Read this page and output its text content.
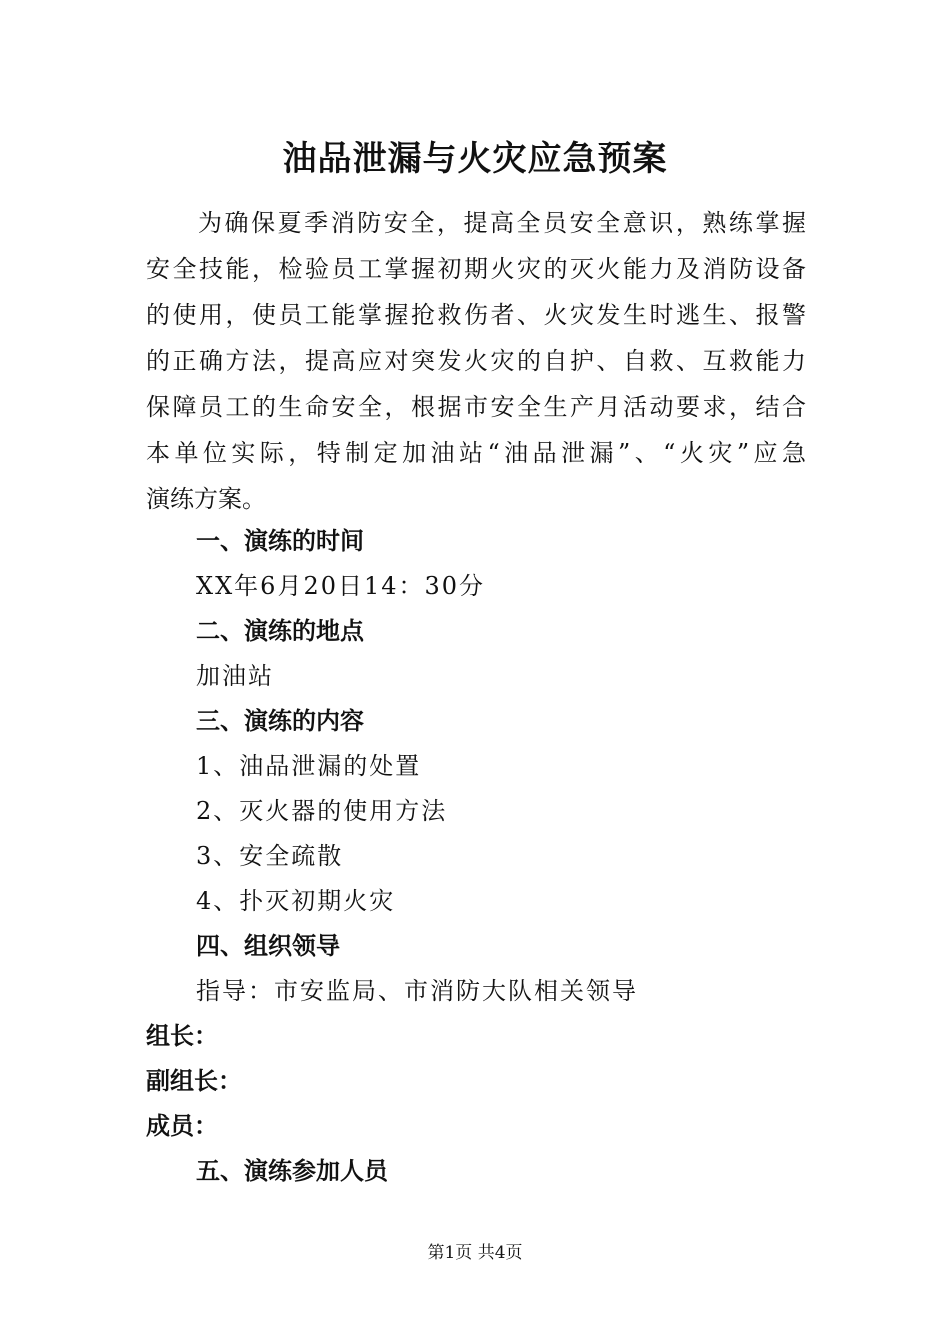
油品泄漏与火灾应急预案
为确保夏季消防安全，提高全员安全意识，熟练掌握
安全技能，检验员工掌握初期火灾的灭火能力及消防设备
的使用，使员工能掌握抢救伤者、火灾发生时逃生、报警
的正确方法，提高应对突发火灾的自护、自救、互救能力
保障员工的生命安全，根据市安全生产月活动要求，结合
本单位实际，特制定加油站“油品泄漏”、“火灾”应急
演练方案。
一、演练的时间
XX年6月20日14：30分
二、演练的地点
加油站
三、演练的内容
1、油品泄漏的处置
2、灭火器的使用方法
3、安全疏散
4、扑灭初期火灾
四、组织领导
指导：市安监局、市消防大队相关领导
组长：
副组长：
成员：
五、演练参加人员
第1页 共4页
